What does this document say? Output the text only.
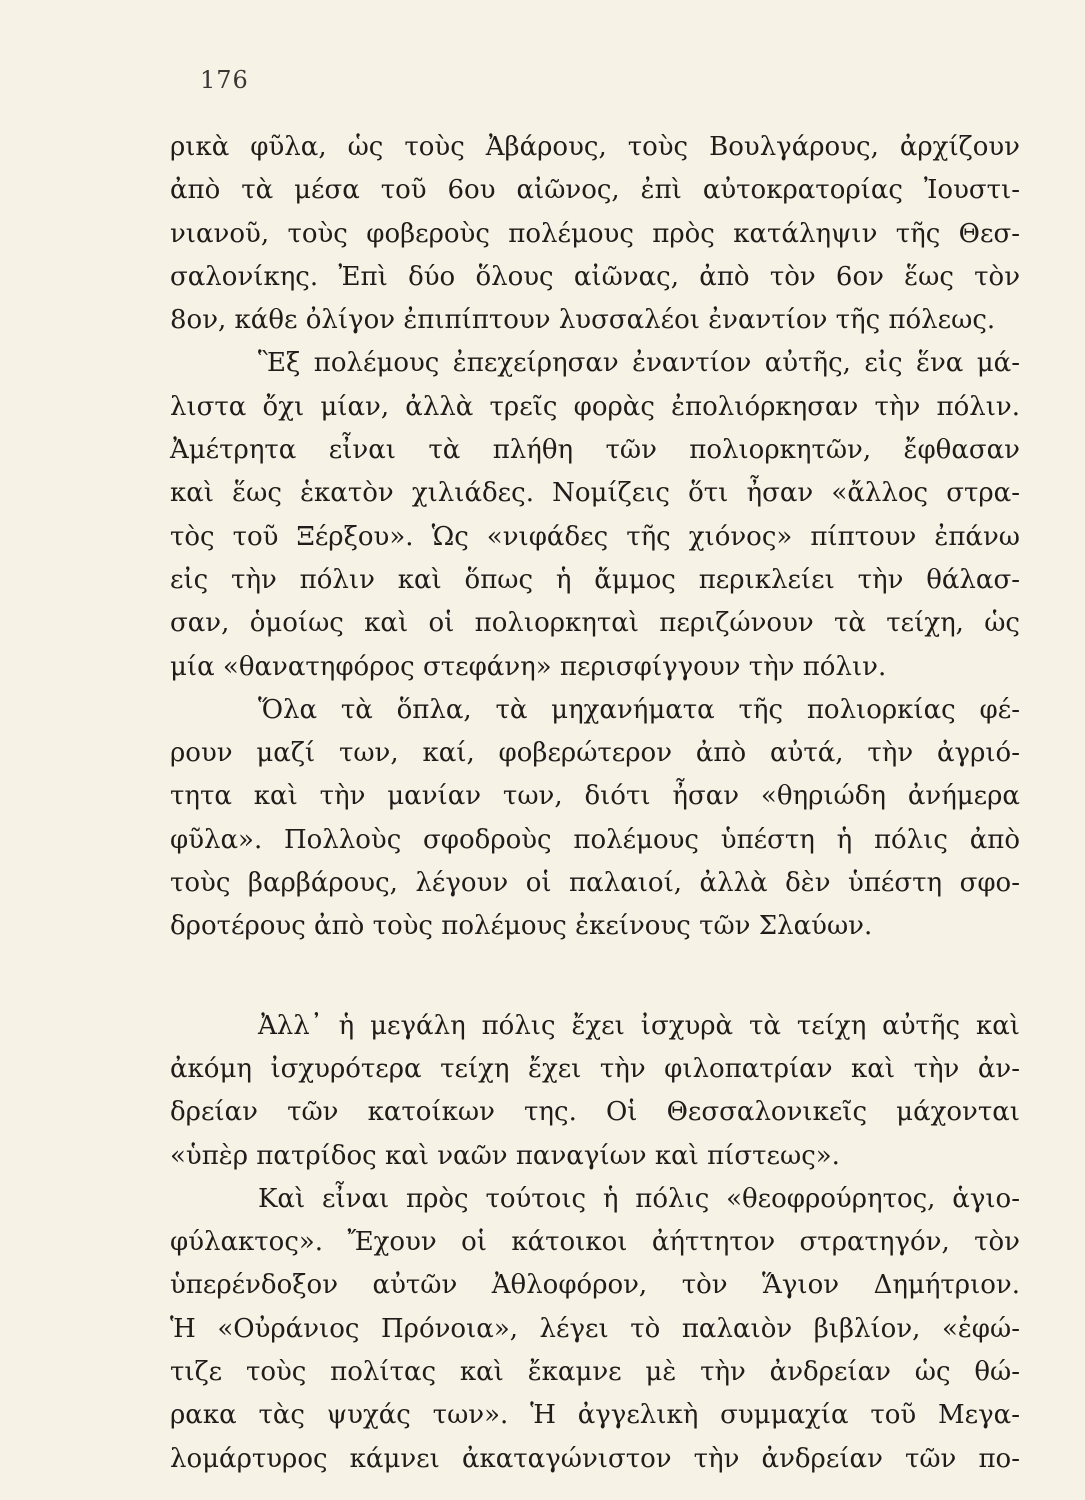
176
ρικὰ φῦλα, ὡς τοὺς Ἀβάρους, τοὺς Βουλγάρους, ἀρχίζουν
ἀπὸ τὰ μέσα τοῦ 6ου αἰῶνος, ἐπὶ αὐτοκρατορίας Ἰουστι-
νιανοῦ, τοὺς φοβεροὺς πολέμους πρὸς κατάληψιν τῆς Θεσ-
σαλονίκης. Ἐπὶ δύο ὅλους αἰῶνας, ἀπὸ τὸν 6ον ἕως τὸν
8ον, κάθε ὀλίγον ἐπιπίπτουν λυσσαλέοι ἐναντίον τῆς πόλεως.
Ἓξ πολέμους ἐπεχείρησαν ἐναντίον αὐτῆς, εἰς ἕνα μά-
λιστα ὄχι μίαν, ἀλλὰ τρεῖς φορὰς ἐπολιόρκησαν τὴν πόλιν.
Ἀμέτρητα εἶναι τὰ πλήθη τῶν πολιορκητῶν, ἔφθασαν
καὶ ἕως ἑκατὸν χιλιάδες. Νομίζεις ὅτι ἦσαν «ἄλλος στρα-
τὸς τοῦ Ξέρξου». Ὡς «νιφάδες τῆς χιόνος» πίπτουν ἐπάνω
εἰς τὴν πόλιν καὶ ὅπως ἡ ἄμμος περικλείει τὴν θάλασ-
σαν, ὁμοίως καὶ οἱ πολιορκηταὶ περιζώνουν τὰ τείχη, ὡς
μία «θανατηφόρος στεφάνη» περισφίγγουν τὴν πόλιν.
Ὅλα τὰ ὅπλα, τὰ μηχανήματα τῆς πολιορκίας φέ-
ρουν μαζί των, καί, φοβερώτερον ἀπὸ αὐτά, τὴν ἀγριό-
τητα καὶ τὴν μανίαν των, διότι ἦσαν «θηριώδη ἀνήμερα
φῦλα». Πολλοὺς σφοδροὺς πολέμους ὑπέστη ἡ πόλις ἀπὸ
τοὺς βαρβάρους, λέγουν οἱ παλαιοί, ἀλλὰ δὲν ὑπέστη σφο-
δροτέρους ἀπὸ τοὺς πολέμους ἐκείνους τῶν Σλαύων.
Ἀλλ᾽ ἡ μεγάλη πόλις ἔχει ἰσχυρὰ τὰ τείχη αὐτῆς καὶ
ἀκόμη ἰσχυρότερα τείχη ἔχει τὴν φιλοπατρίαν καὶ τὴν ἀν-
δρείαν τῶν κατοίκων της. Οἱ Θεσσαλονικεῖς μάχονται
«ὑπὲρ πατρίδος καὶ ναῶν παναγίων καὶ πίστεως».
Καὶ εἶναι πρὸς τούτοις ἡ πόλις «θεοφρούρητος, ἁγιο-
φύλακτος». Ἔχουν οἱ κάτοικοι ἀήττητον στρατηγόν, τὸν
ὑπερένδοξον αὐτῶν Ἀθλοφόρον, τὸν Ἅγιον Δημήτριον.
Ἡ «Οὐράνιος Πρόνοια», λέγει τὸ παλαιὸν βιβλίον, «ἐφώ-
τιζε τοὺς πολίτας καὶ ἔκαμνε μὲ τὴν ἀνδρείαν ὡς θώ-
ρακα τὰς ψυχάς των». Ἡ ἀγγελικὴ συμμαχία τοῦ Μεγα-
λομάρτυρος κάμνει ἀκαταγώνιστον τὴν ἀνδρείαν τῶν πο-
